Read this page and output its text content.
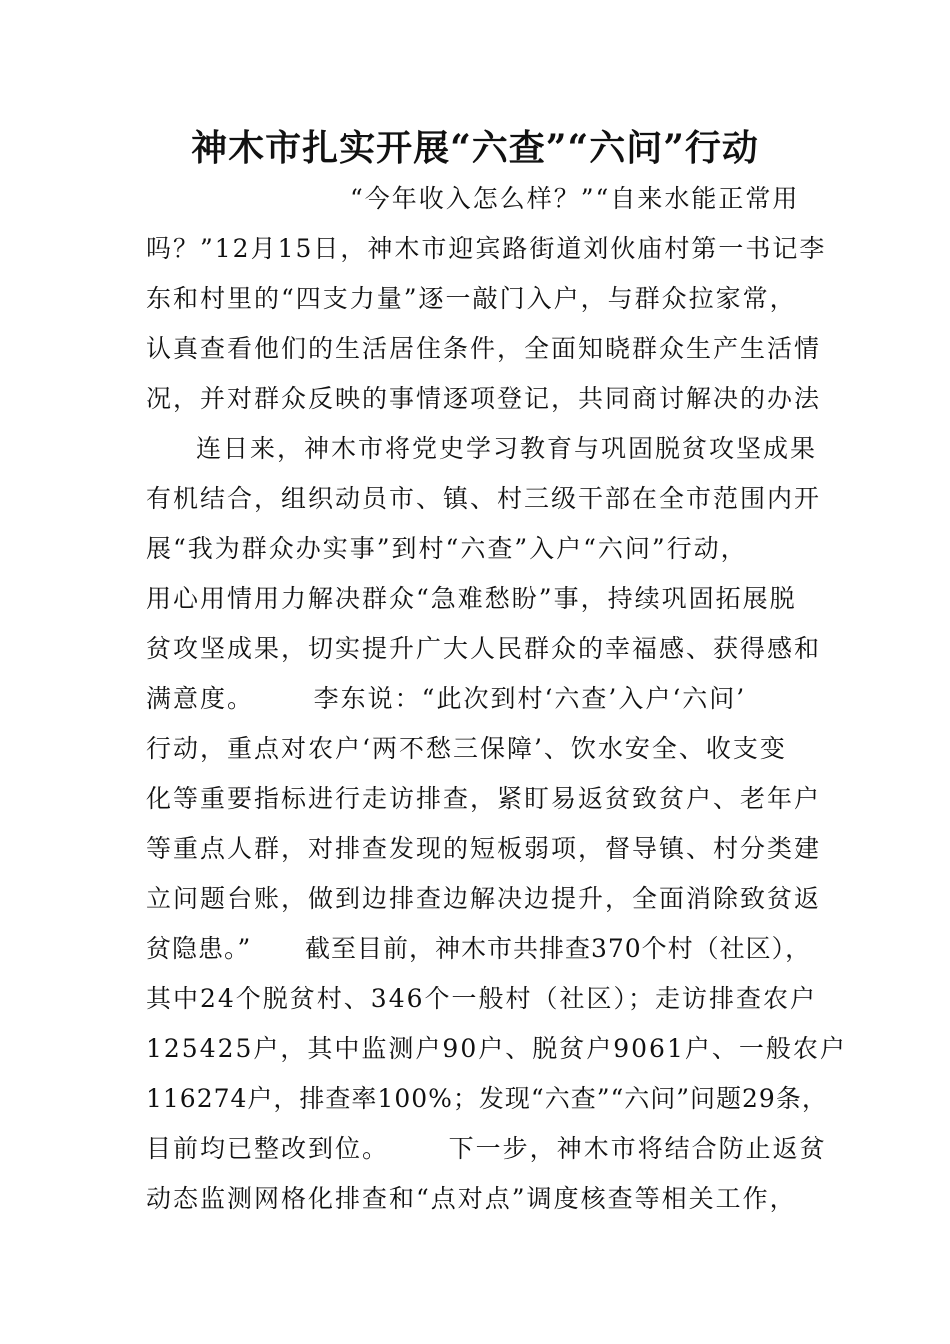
神木市扎实开展“六查”“六问”行动
“今年收入怎么样？”“自来水能正常用
吗？”12月15日，神木市迎宾路街道刘伙庙村第一书记李
东和村里的“四支力量”逐一敲门入户，与群众拉家常，
认真查看他们的生活居住条件，全面知晓群众生产生活情
况，并对群众反映的事情逐项登记，共同商讨解决的办法
连日来，神木市将党史学习教育与巩固脱贫攻坚成果
有机结合，组织动员市、镇、村三级干部在全市范围内开
展“我为群众办实事”到村“六查”入户“六问”行动，
用心用情用力解决群众“急难愁盼”事，持续巩固拓展脱
贫攻坚成果，切实提升广大人民群众的幸福感、获得感和
满意度。      李东说：“此次到村‘六查’入户‘六问’
行动，重点对农户‘两不愁三保障’、饮水安全、收支变
化等重要指标进行走访排查，紧盯易返贫致贫户、老年户
等重点人群，对排查发现的短板弱项，督导镇、村分类建
立问题台账，做到边排查边解决边提升，全面消除致贫返
贫隐患。”      截至目前，神木市共排查370个村（社区），
其中24个脱贫村、346个一般村（社区）；走访排查农户
125425户，其中监测户90户、脱贫户9061户、一般农户
116274户，排查率100%；发现“六查”“六问”问题29条，
目前均已整改到位。      下一步，神木市将结合防止返贫
动态监测网格化排查和“点对点”调度核查等相关工作，
